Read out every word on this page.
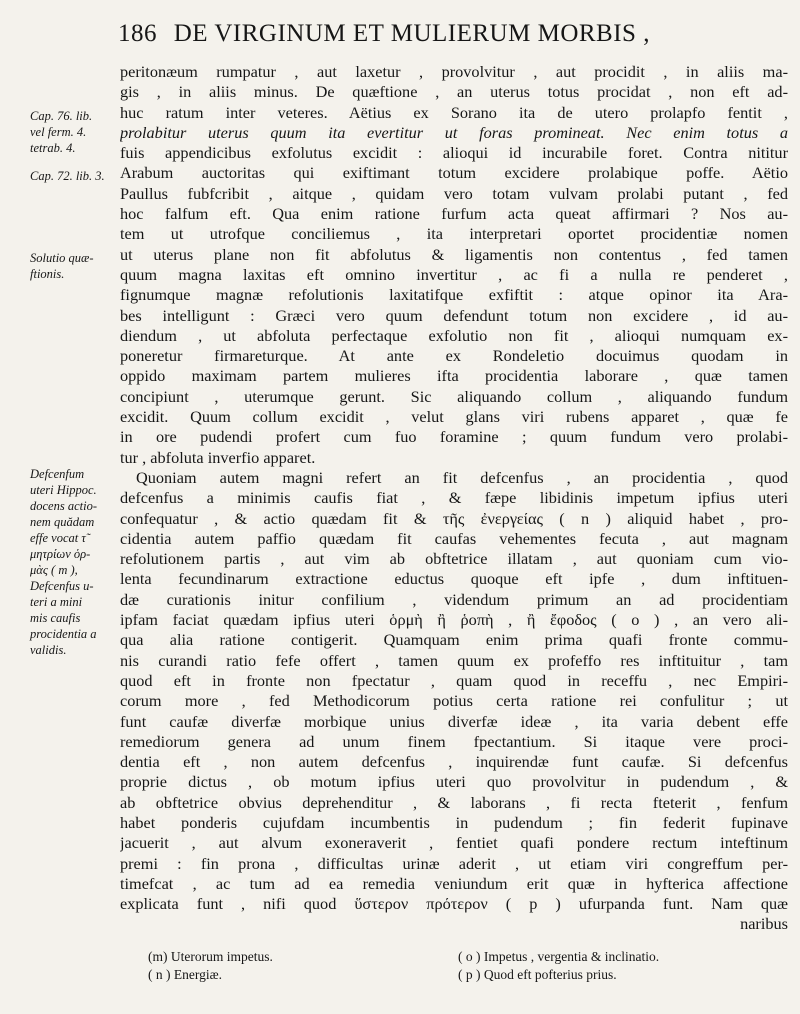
186 DE VIRGINUM ET MULIERUM MORBIS ,
Cap. 76. lib.
vel ferm. 4.
tetrab. 4.
Cap. 72. lib. 3.
Solutio quæ-
ftionis.
Defcenfum
uteri Hippoc.
docens actio-
nem quădam
effe vocat τ̃
μητρίων ὁρ-
μὰς ( m ),
Defcenfus u-
teri a mini
mis caufis
procidentia a
validis.
peritonæum rumpatur , aut laxetur , provolvitur , aut procidit , in aliis ma-
gis , in aliis minus. De quæftione , an uterus totus procidat , non eft ad-
huc ratum inter veteres. Aëtius ex Sorano ita de utero prolapfo fentit ,
prolabitur uterus quum ita evertitur ut foras promineat. Nec enim totus a
fuis appendicibus exfolutus excidit : alioqui id incurabile foret. Contra nititur
Arabum auctoritas qui exiftimant totum excidere prolabique poffe. Aëtio
Paullus fubfcribit , aitque , quidam vero totam vulvam prolabi putant , fed
hoc falfum eft. Qua enim ratione furfum acta queat affirmari ? Nos au-
tem ut utrofque conciliemus , ita interpretari oportet procidentiæ nomen
ut uterus plane non fit abfolutus & ligamentis non contentus , fed tamen
quum magna laxitas eft omnino invertitur , ac fi a nulla re penderet ,
fignumque magnæ refolutionis laxitatifque exfiftit : atque opinor ita Ara-
bes intelligunt : Græci vero quum defendunt totum non excidere , id au-
diendum , ut abfoluta perfectaque exfolutio non fit , alioqui numquam ex-
poneretur firmareturque. At ante ex Rondeletio docuimus quodam in
oppido maximam partem mulieres ifta procidentia laborare , quæ tamen
concipiunt , uterumque gerunt. Sic aliquando collum , aliquando fundum
excidit. Quum collum excidit , velut glans viri rubens apparet , quæ fe
in ore pudendi profert cum fuo foramine ; quum fundum vero prolabi-
tur , abfoluta inverfio apparet.
Quoniam autem magni refert an fit defcenfus , an procidentia , quod
defcenfus a minimis caufis fiat , & fæpe libidinis impetum ipfius uteri
confequatur , & actio quædam fit & τῆς ἐνεργείας ( n ) aliquid habet , pro-
cidentia autem paffio quædam fit caufas vehementes fecuta , aut magnam
refolutionem partis , aut vim ab obftetrice illatam , aut quoniam cum vio-
lenta fecundinarum extractione eductus quoque eft ipfe , dum inftituen-
dæ curationis initur confilium , videndum primum an ad procidentiam
ipfam faciat quædam ipfius uteri ὁρμὴ ἢ ῥοπὴ , ἢ ἔφοδος ( o ) , an vero ali-
qua alia ratione contigerit. Quamquam enim prima quafi fronte commu-
nis curandi ratio fefe offert , tamen quum ex profeffo res inftituitur , tam
quod eft in fronte non fpectatur , quam quod in receffu , nec Empiri-
corum more , fed Methodicorum potius certa ratione rei confulitur ; ut
funt caufæ diverfæ morbique unius diverfæ ideæ , ita varia debent effe
remediorum genera ad unum finem fpectantium. Si itaque vere proci-
dentia eft , non autem defcenfus , inquirendæ funt caufæ. Si defcenfus
proprie dictus , ob motum ipfius uteri quo provolvitur in pudendum , &
ab obftetrice obvius deprehenditur , & laborans , fi recta fteterit , fenfum
habet ponderis cujufdam incumbentis in pudendum ; fin federit fupinave
jacuerit , aut alvum exoneraverit , fentiet quafi pondere rectum inteftinum
premi : fin prona , difficultas urinæ aderit , ut etiam viri congreffum per-
timefcat , ac tum ad ea remedia veniundum erit quæ in hyfterica affectione
explicata funt , nifi quod ὕστερον πρότερον ( p ) ufurpanda funt. Nam quæ
naribus
(m) Uterorum impetus.
( n ) Energiæ.
( o ) Impetus , vergentia & inclinatio.
( p ) Quod eft pofterius prius.
